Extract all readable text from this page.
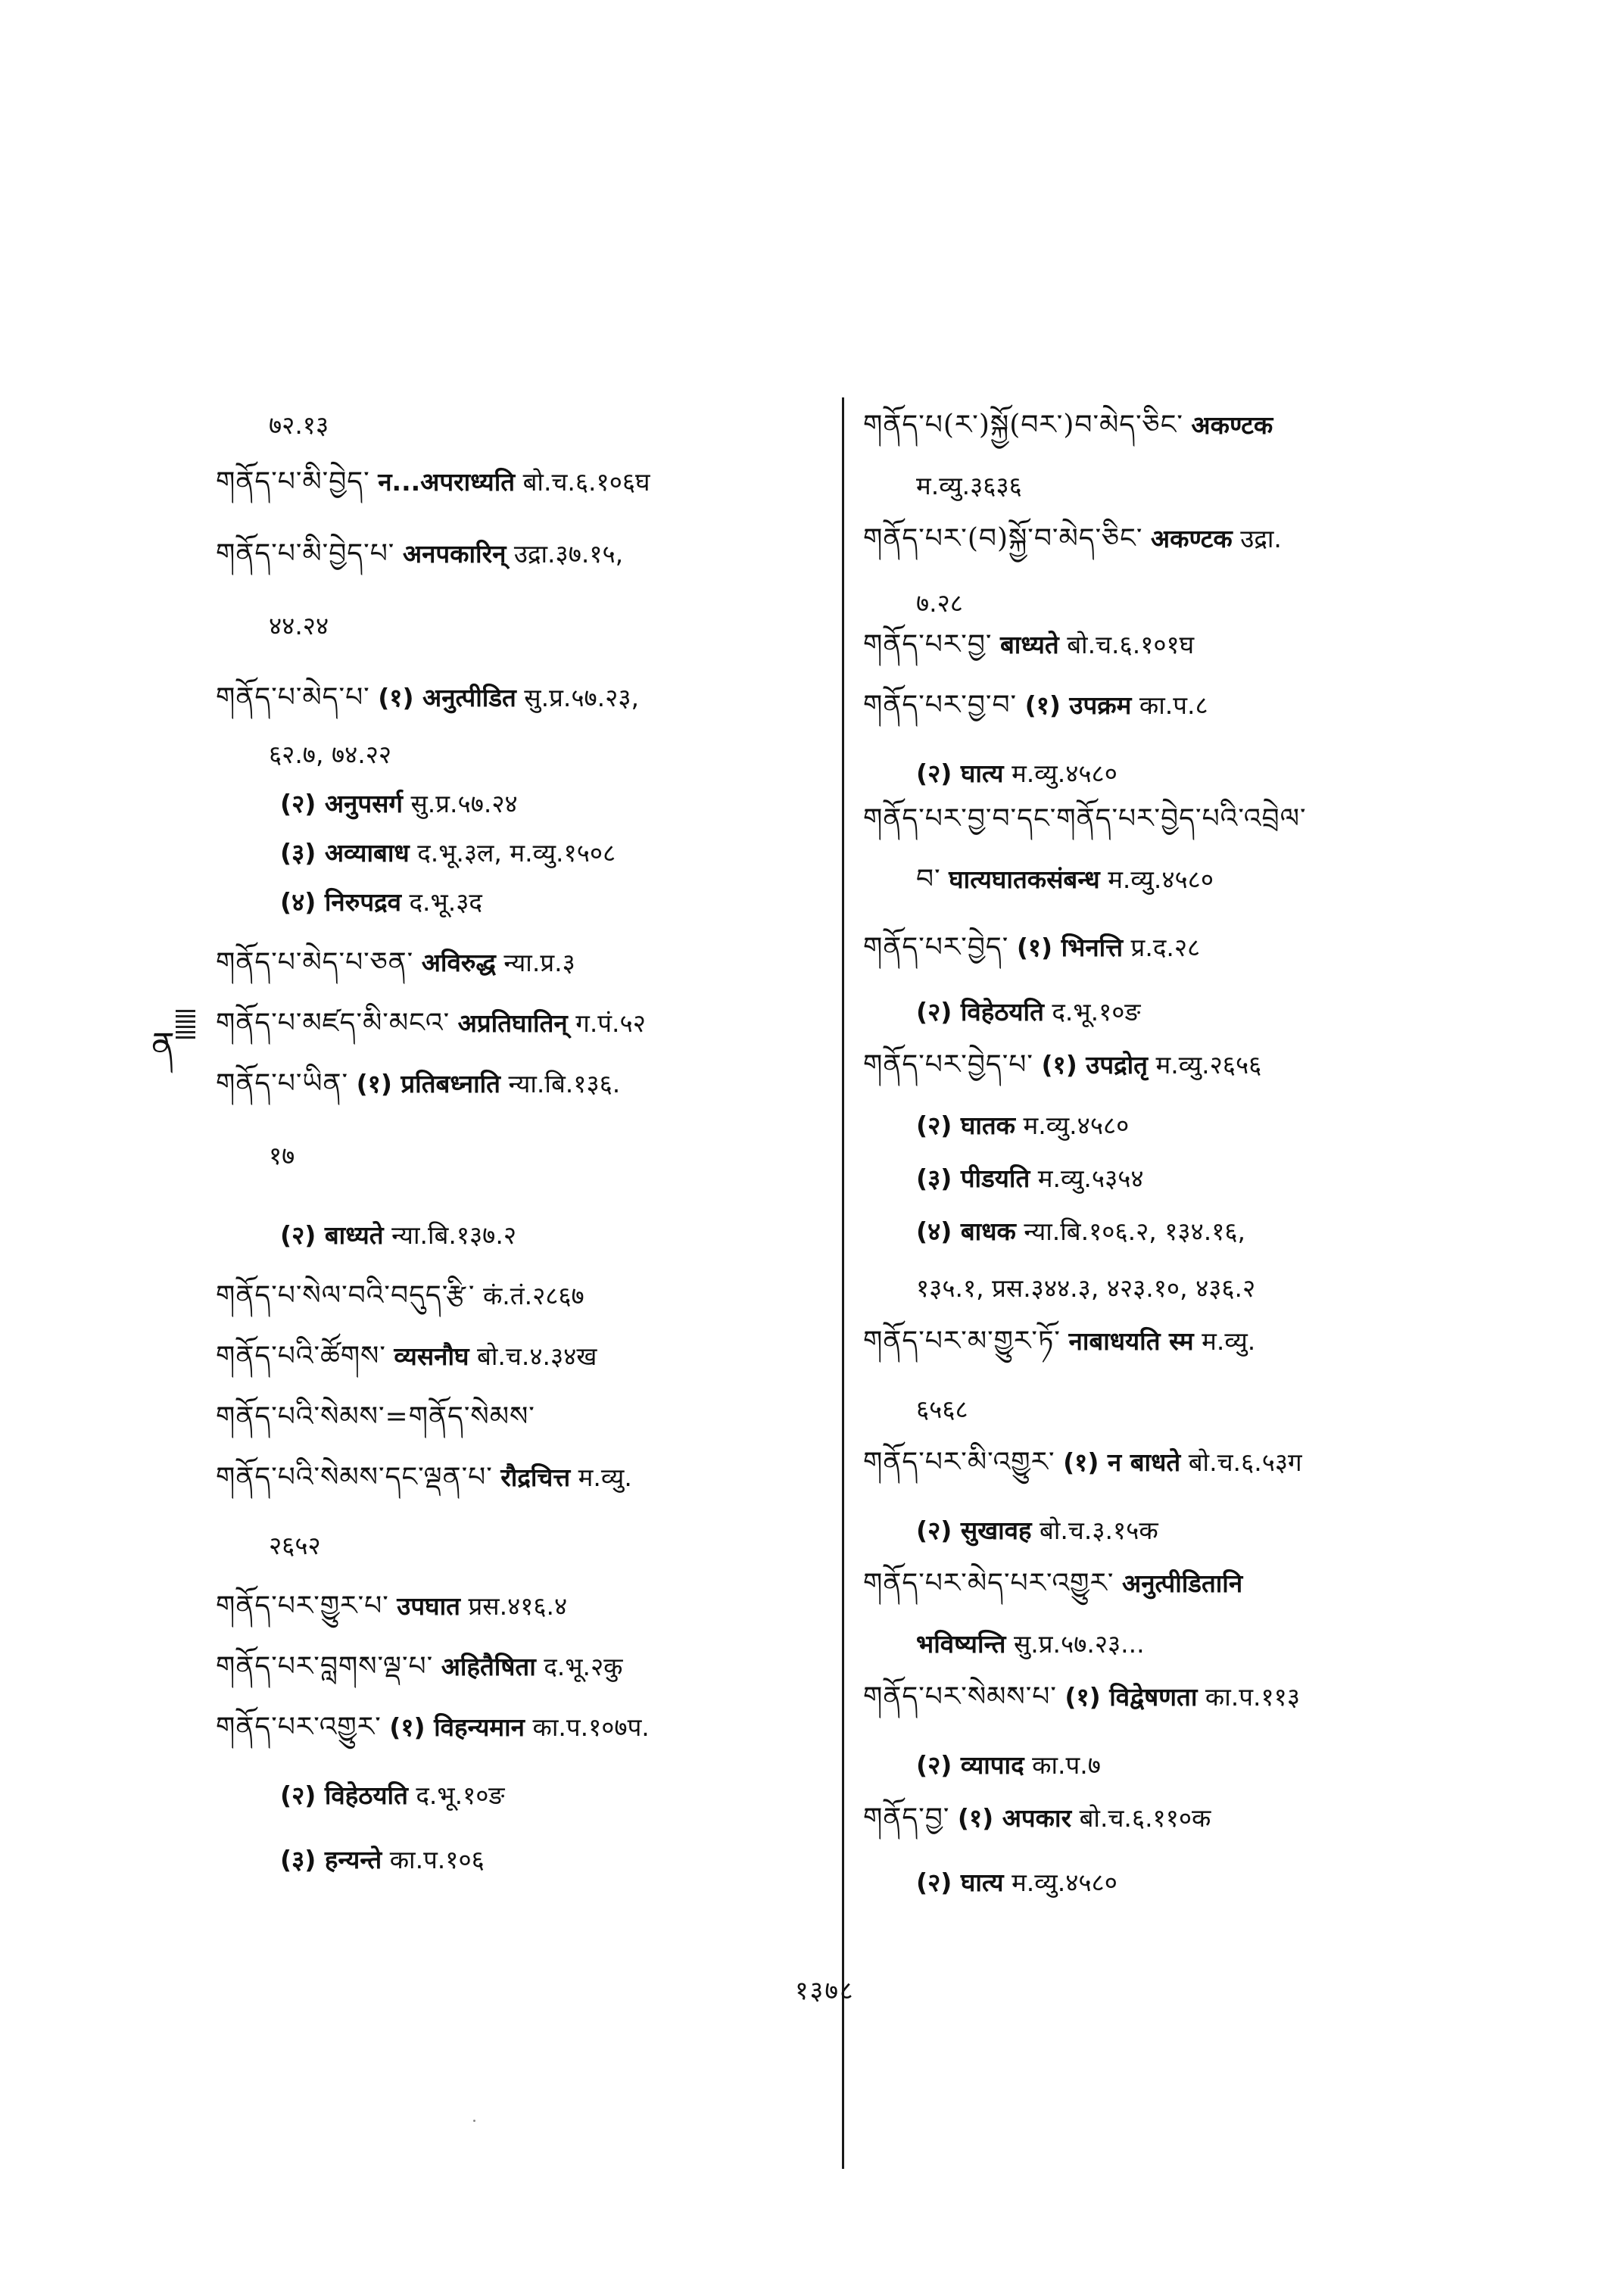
७२.१३
གནོད་པ་མི་བྱེད་ न...अपराध्यति बो.च.६.१०६घ
གནོད་པ་མི་བྱེད་པ་ अनपकारिन् उद्रा.३७.१५,
४४.२४
གནོད་པ་མེད་པ་ (१) अनुत्पीडित सु.प्र.५७.२३,
६२.७, ७४.२२
(२) अनुपसर्ग सु.प्र.५७.२४
(३) अव्याबाध द.भू.३ल, म.व्यु.१५०८
(४) निरुपद्रव द.भू.३द
གནོད་པ་མེད་པ་ཅན་ अविरुद्ध न्या.प्र.३
གནོད་པ་མཛད་མི་མངའ་ अप्रतिघातिन् ग.पं.५२
གནོད་པ་ཡིན་ (१) प्रतिबध्नाति न्या.बि.१३६.
१७
(२) बाध्यते न्या.बि.१३७.२
གནོད་པ་སེལ་བའི་བདུད་རྩི་ कं.तं.२८६७
གནོད་པའི་ཚོགས་ व्यसनौघ बो.च.४.३४ख
གནོད་པའི་སེམས་=གནོད་སེམས་
གནོད་པའི་སེམས་དང་ལྡན་པ་ रौद्रचित्त म.व्यु.
२६५२
གནོད་པར་གྱུར་པ་ उपघात प्रस.४१६.४
གནོད་པར་བླགས་ལྡ་པ་ अहितैषिता द.भू.२कु
གནོད་པར་འགྱུར་ (१) विहन्यमान का.प.१०७प.
(२) विहेठयति द.भू.१०ङ
(३) हन्यन्ते का.प.१०६
གནོད་པ(ར་)སྐྱོ(བར་)བ་མེད་ཅིང་ अकण्टक
म.व्यु.३६३६
གནོད་པར་(བ)སྐྱོ་བ་མེད་ཅིང་ अकण्टक उद्रा.
७.२८
གནོད་པར་བྱ་ बाध्यते बो.च.६.१०१घ
གནོད་པར་བྱ་བ་ (१) उपक्रम का.प.८
(२) घात्य म.व्यु.४५८०
གནོད་པར་བྱ་བ་དང་གནོད་པར་བྱེད་པའི་འབྲེལ་
བ་ घात्यघातकसंबन्ध म.व्यु.४५८०
གནོད་པར་བྱེད་ (१) भिनत्ति प्र.द.२८
(२) विहेठयति द.भू.१०ङ
གནོད་པར་བྱེད་པ་ (१) उपद्रोतृ म.व्यु.२६५६
(२) घातक म.व्यु.४५८०
(३) पीडयति म.व्यु.५३५४
(४) बाधक न्या.बि.१०६.२, १३४.१६,
१३५.१, प्रस.३४४.३, ४२३.१०, ४३६.२
གནོད་པར་མ་གྱུར་ཏོ་ नाबाधयति स्म म.व्यु.
६५६८
གནོད་པར་མི་འགྱུར་ (१) न बाधते बो.च.६.५३ग
(२) सुखावह बो.च.३.१५क
གནོད་པར་མེད་པར་འགྱུར་ अनुत्पीडितानि
भविष्यन्ति सु.प्र.५७.२३...
གནོད་པར་སེམས་པ་ (१) विद्वेषणता का.प.११३
(२) व्यापाद का.प.७
གནོད་བྱ་ (१) अपकार बो.च.६.११०क
(२) घात्य म.व्यु.४५८०
ན
१३७८
